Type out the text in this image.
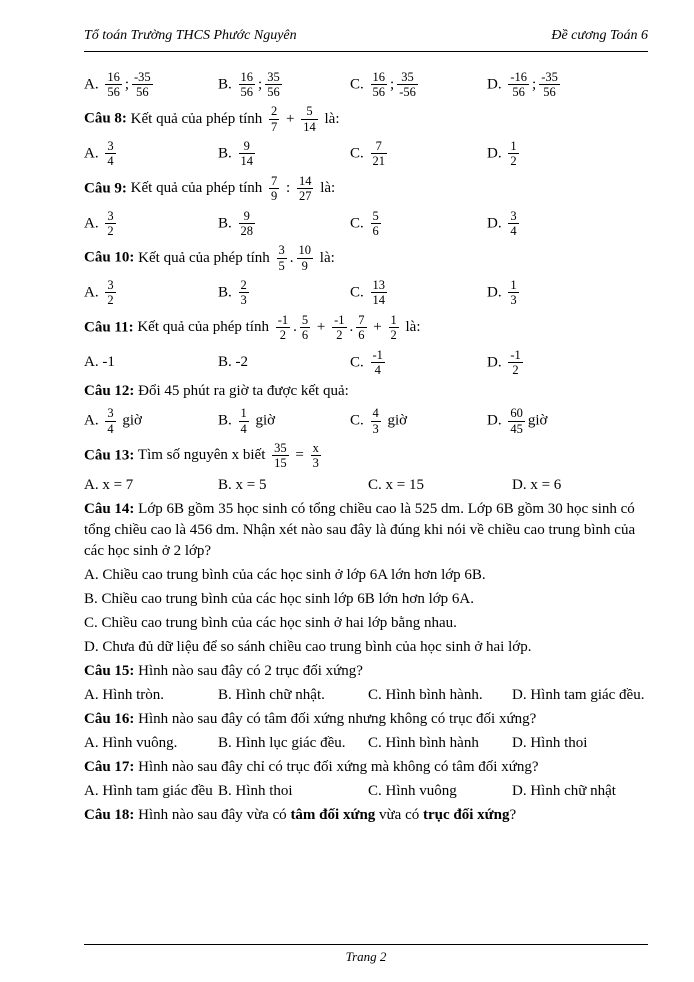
Tổ toán Trường THCS Phước Nguyên	Đề cương Toán 6
A. $\frac{16}{56}$ ; $\frac{-35}{56}$	B. $\frac{16}{56}$ ; $\frac{35}{56}$	C. $\frac{16}{56}$ ; $\frac{35}{-56}$	D. $\frac{-16}{56}$ ; $\frac{-35}{56}$
Câu 8: Kết quả của phép tính $\frac{2}{7} + \frac{5}{14}$ là:
A. $\frac{3}{4}$	B. $\frac{9}{14}$	C. $\frac{7}{21}$	D. $\frac{1}{2}$
Câu 9: Kết quả của phép tính $\frac{7}{9}$ : $\frac{14}{27}$ là:
A. $\frac{3}{2}$	B. $\frac{9}{28}$	C. $\frac{5}{6}$	D. $\frac{3}{4}$
Câu 10: Kết quả của phép tính $\frac{3}{5}$ . $\frac{10}{9}$ là:
A. $\frac{3}{2}$	B. $\frac{2}{3}$	C. $\frac{13}{14}$	D. $\frac{1}{3}$
Câu 11: Kết quả của phép tính $\frac{-1}{2}$ . $\frac{5}{6} + \frac{-1}{2}$ . $\frac{7}{6} + \frac{1}{2}$ là:
A. -1	B. -2	C. $\frac{-1}{4}$	D. $\frac{-1}{2}$
Câu 12: Đổi 45 phút ra giờ ta được kết quả:
A. $\frac{3}{4}$ giờ	B. $\frac{1}{4}$ giờ	C. $\frac{4}{3}$ giờ	D. $\frac{60}{45}$ giờ
Câu 13: Tìm số nguyên x biết $\frac{35}{15} = \frac{x}{3}$
A. x = 7	B. x = 5	C. x = 15	D. x = 6
Câu 14: Lớp 6B gồm 35 học sinh có tổng chiều cao là 525 dm. Lớp 6B gồm 30 học sinh có tổng chiều cao là 456 dm. Nhận xét nào sau đây là đúng khi nói về chiều cao trung bình của các học sinh ở 2 lớp?
A. Chiều cao trung bình của các học sinh ở lớp 6A lớn hơn lớp 6B.
B. Chiều cao trung bình của các học sinh lớp 6B lớn hơn lớp 6A.
C. Chiều cao trung bình của các học sinh ở hai lớp bằng nhau.
D. Chưa đủ dữ liệu để so sánh chiều cao trung bình của học sinh ở hai lớp.
Câu 15: Hình nào sau đây có 2 trục đối xứng?
A. Hình tròn.	B. Hình chữ nhật.	C. Hình bình hành.	D. Hình tam giác đều.
Câu 16: Hình nào sau đây có tâm đối xứng nhưng không có trục đối xứng?
A. Hình vuông.	B. Hình lục giác đều.	C. Hình bình hành	D. Hình thoi
Câu 17: Hình nào sau đây chỉ có trục đối xứng mà không có tâm đối xứng?
A. Hình tam giác đều B. Hình thoi	C. Hình vuông	D. Hình chữ nhật
Câu 18: Hình nào sau đây vừa có tâm đối xứng vừa có trục đối xứng?
Trang 2
